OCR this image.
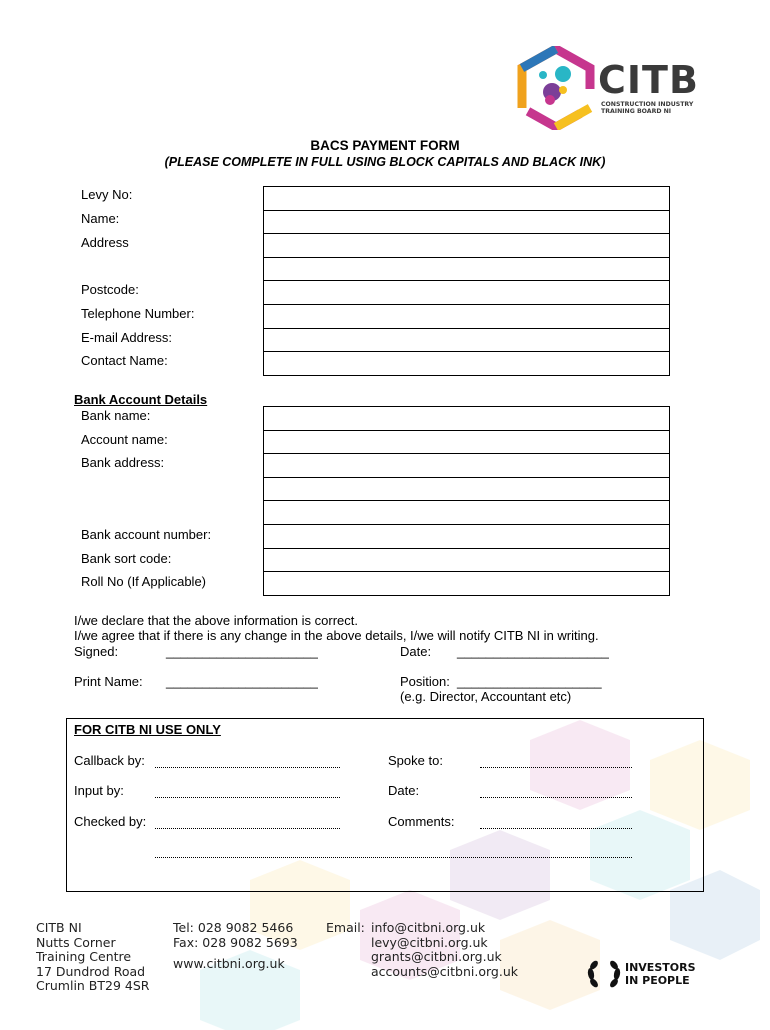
CITB
CONSTRUCTION INDUSTRY
TRAINING BOARD NI
BACS PAYMENT FORM
(PLEASE COMPLETE IN FULL USING BLOCK CAPITALS AND BLACK INK)
Levy No:
Name:
Address
Postcode:
Telephone Number:
E-mail Address:
Contact Name:
Bank Account Details
Bank name:
Account name:
Bank address:
Bank account number:
Bank sort code:
Roll No (If Applicable)
I/we declare that the above information is correct.
I/we agree that if there is any change in the above details, I/we will notify CITB NI in writing.
Signed:	_____________________	Date: _____________________
Print Name: _____________________	Position: ____________________
(e.g. Director, Accountant etc)
FOR CITB NI USE ONLY
Callback by:	Spoke to:
Input by:	Date:
Checked by:	Comments:
CITB NI
Nutts Corner
Training Centre
17 Dundrod Road
Crumlin BT29 4SR
Tel: 028 9082 5466
Fax: 028 9082 5693
www.citbni.org.uk
Email: info@citbni.org.uk
levy@citbni.org.uk
grants@citbni.org.uk
accounts@citbni.org.uk	INVESTORS
IN PEOPLE
